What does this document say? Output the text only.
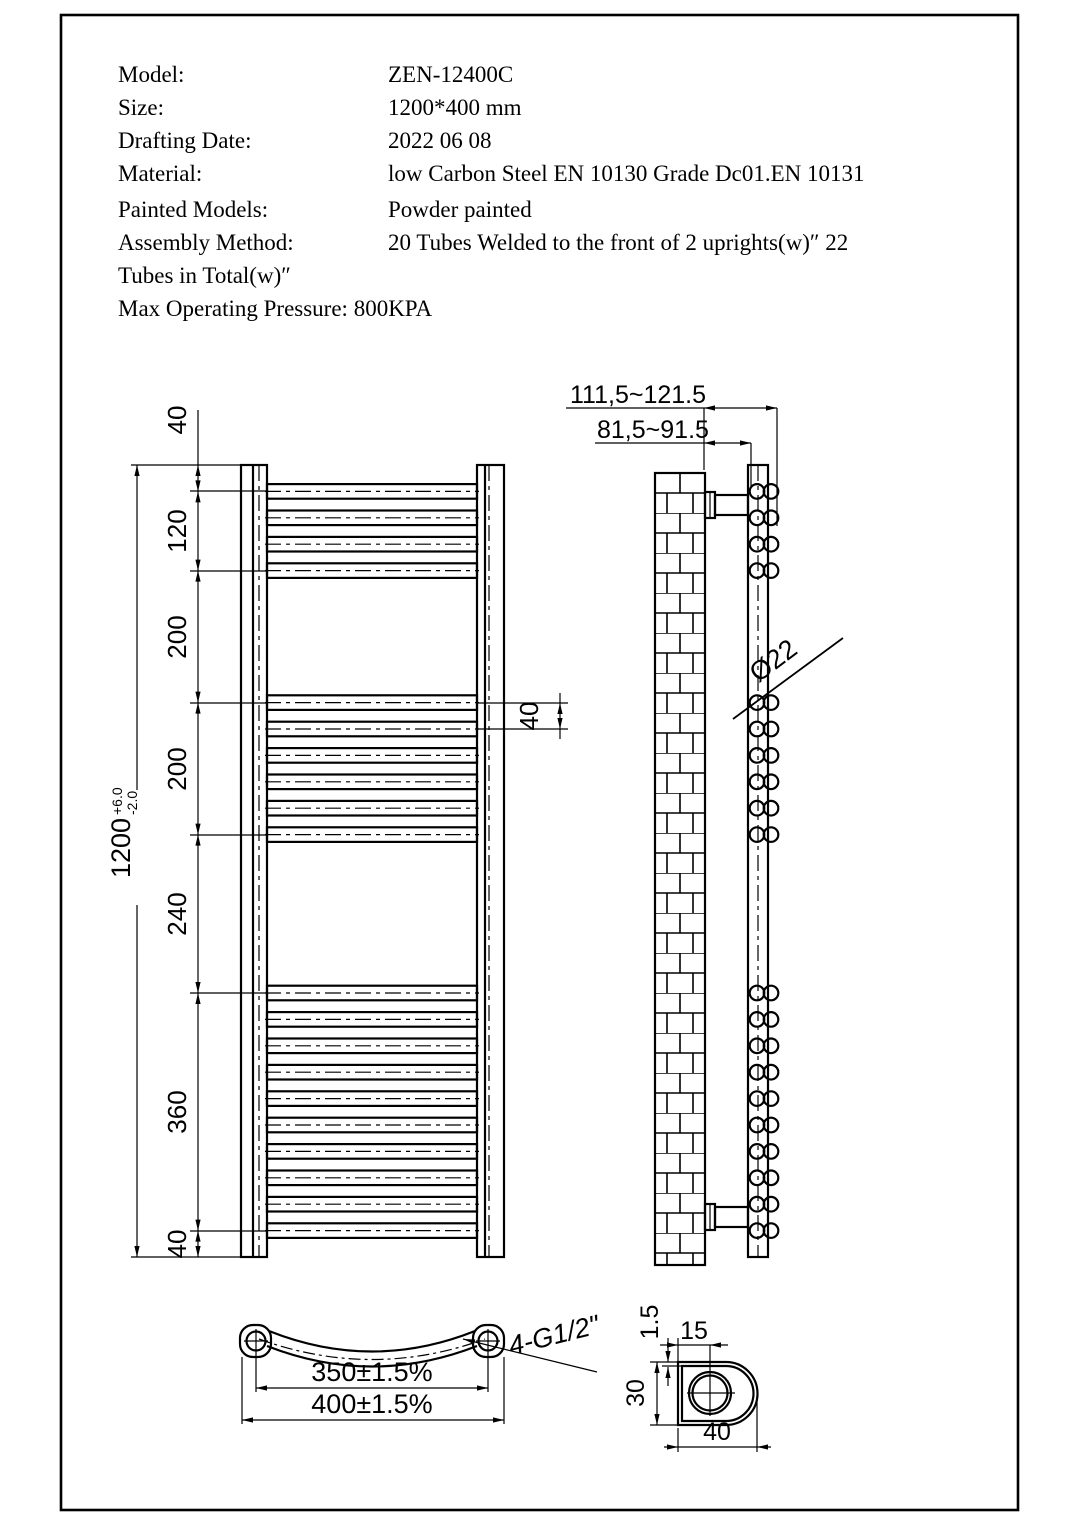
Model:	ZEN-12400C
Size:	1200*400 mm
Drafting Date:	2022 06 08
Material:	low Carbon Steel EN 10130 Grade Dc01.EN 10131
Painted Models:	Powder painted
Assembly Method:	20 Tubes Welded to the front of 2 uprights(w)″ 22
Tubes in Total(w)″
Max Operating Pressure: 800KPA
40
120
200
200
240
360
40
1200
+6.0 -2.0
40
111,5~121.5
81,5~91.5
Ø22
350±1.5%
400±1.5%
4-G1/2"	15
1.5
30
40
